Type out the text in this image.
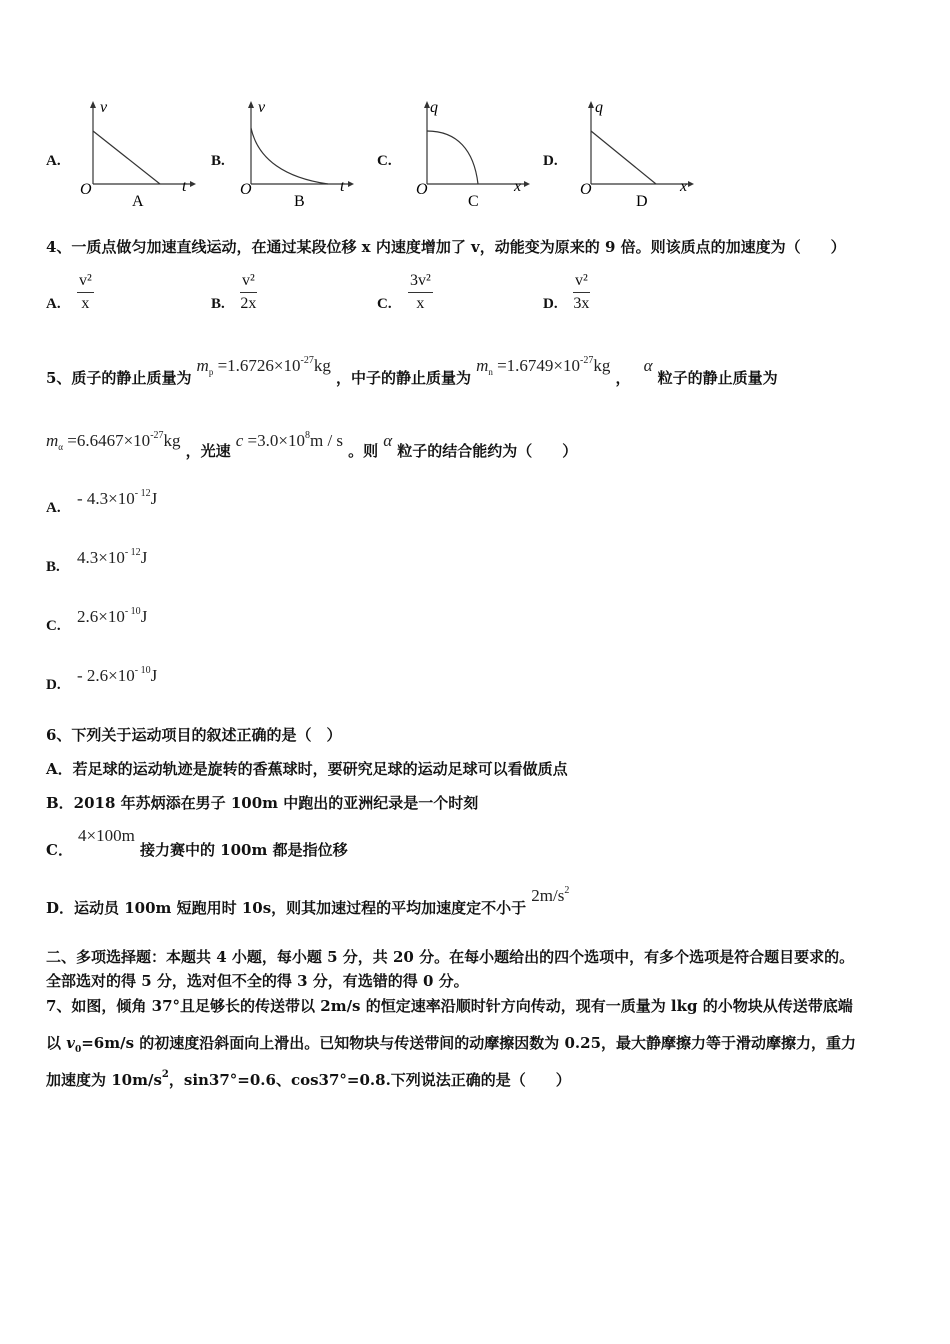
A.
v
t
O
A
B.
v
t
O
B
C.
q
x
O
C
D.
q
x
O
D
4、一质点做匀加速直线运动，在通过某段位移 x 内速度增加了 v，动能变为原来的 9 倍。则该质点的加速度为（　　）
A. $\frac{\text{v²}}{x}$	B. $\frac{\text{v²}}{2x}$	C. $\frac{\text{3v²}}{x}$	D. $\frac{\text{v²}}{3x}$
5、质子的静止质量为 $m_p =1.6726\times 10^{-27}kg$ ，中子的静止质量为 $m_n =1.6749\times 10^{-27}kg$ ， α 粒子的静止质量为
$m_\alpha =6.6467\times 10^{-27}kg$ ，光速 $c =3.0\times 10^8m / s$ 。则 α 粒子的结合能约为（　　）
A. - $4.3\times 10^{- 12}J$
B. $4.3\times 10^{- 12}J$
C. $2.6\times 10^{- 10}J$
D. - $2.6\times 10^{- 10}J$
6、下列关于运动项目的叙述正确的是（　）
A．若足球的运动轨迹是旋转的香蕉球时，要研究足球的运动足球可以看做质点
B．2018 年苏炳添在男子 100m 中跑出的亚洲纪录是一个时刻
C． 4×100m 接力赛中的 100m 都是指位移
D．运动员 100m 短跑用时 10s，则其加速过程的平均加速度定不小于 $2m/s^2$
二、多项选择题：本题共 4 小题，每小题 5 分，共 20 分。在每小题给出的四个选项中，有多个选项是符合题目要求的。
全部选对的得 5 分，选对但不全的得 3 分，有选错的得 0 分。
7、如图，倾角 37°且足够长的传送带以 2m/s 的恒定速率沿顺时针方向传动，现有一质量为 lkg 的小物块从传送带底端
以 $v_0=6m/s$ 的初速度沿斜面向上滑出。已知物块与传送带间的动摩擦因数为 0.25，最大静摩擦力等于滑动摩擦力，重力
加速度为 $10m/s^2$，sin37°=0.6、cos37°=0.8.下列说法正确的是（　　）
